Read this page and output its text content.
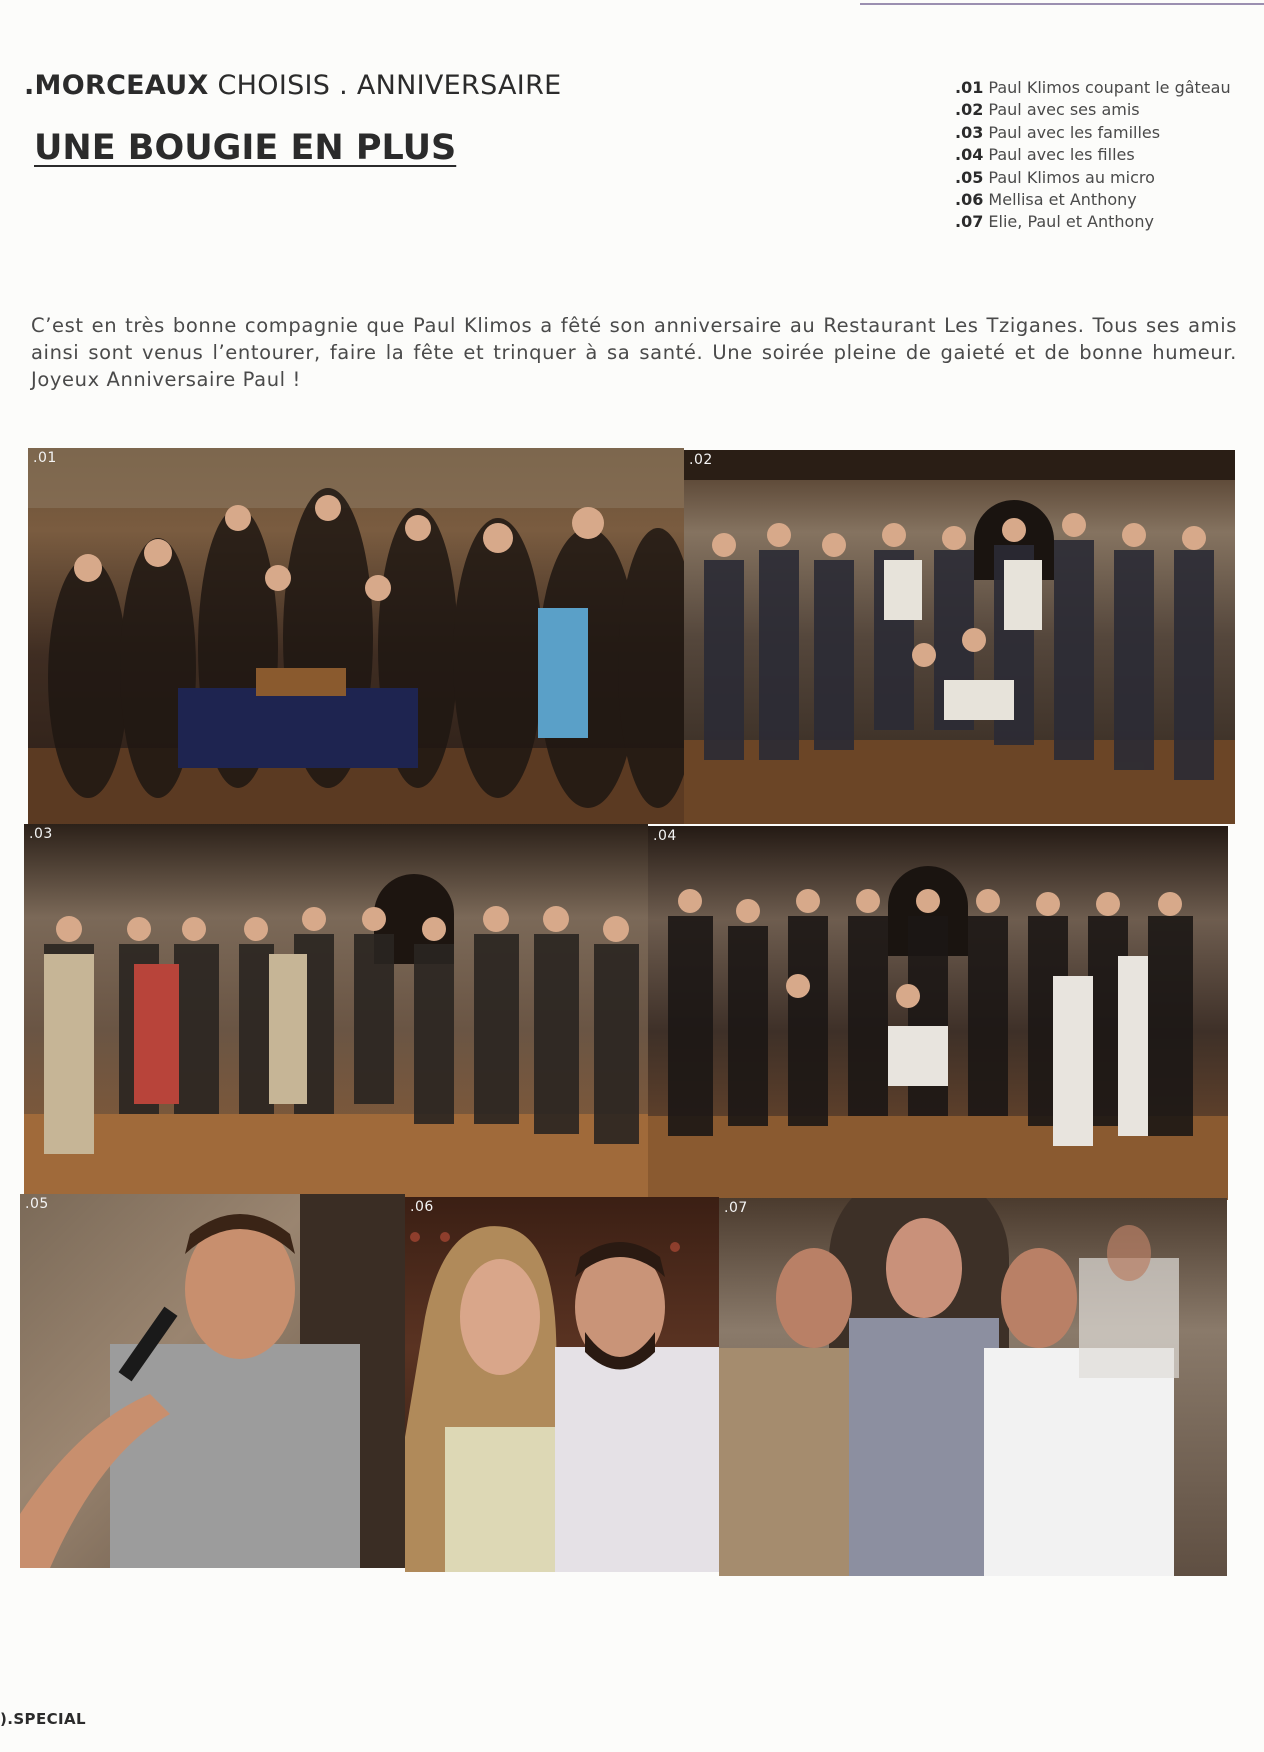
.MORCEAUX CHOISIS . ANNIVERSAIRE
UNE BOUGIE EN PLUS
.01 Paul Klimos coupant le gâteau
.02 Paul avec ses amis
.03 Paul avec les familles
.04 Paul avec les filles
.05 Paul Klimos au micro
.06 Mellisa et Anthony
.07 Elie, Paul et Anthony

C’est en très bonne compagnie que Paul Klimos a fêté son anniversaire au Restaurant Les Tziganes. Tous ses amis ainsi sont venus l’entourer, faire la fête et trinquer à sa santé. Une soirée pleine de gaieté et de bonne humeur. Joyeux Anniversaire Paul !

.01	.02
.03	.04
.05	.06	.07

).SPECIAL
